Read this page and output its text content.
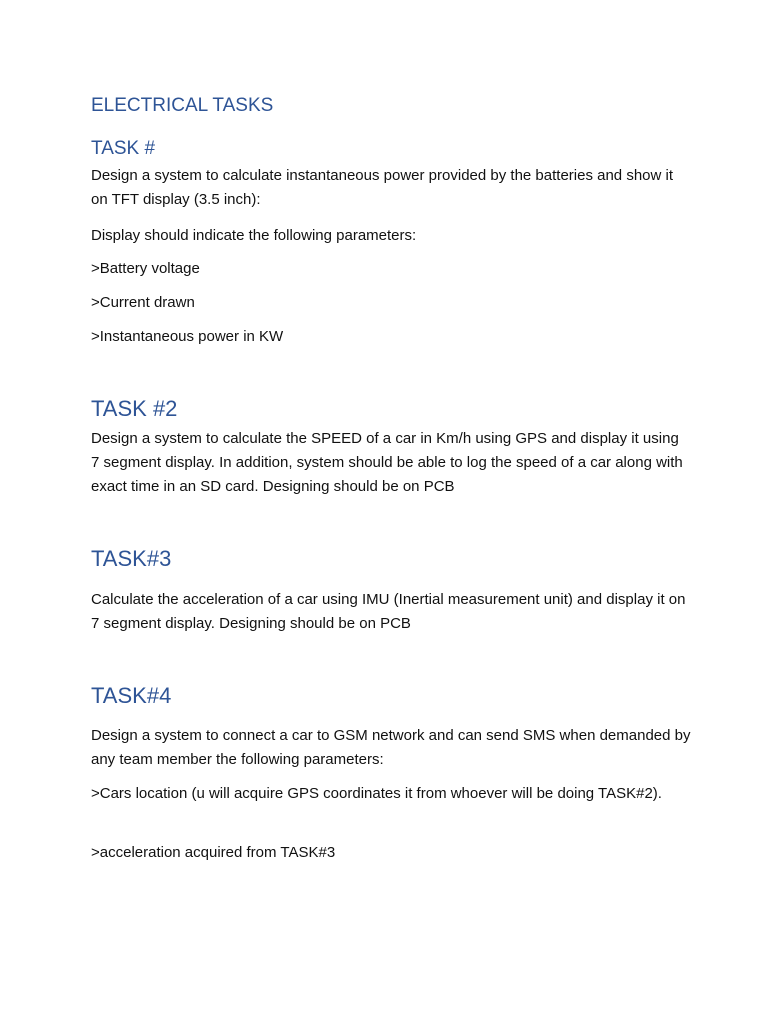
ELECTRICAL TASKS
TASK #

Design a system to calculate instantaneous power provided by the batteries and show it on TFT display (3.5 inch):

Display should indicate the following parameters:

>Battery voltage

>Current drawn

>Instantaneous power in KW

TASK #2

Design a system to calculate the SPEED of a car in Km/h using GPS and display it using 7 segment display. In addition, system should be able to log the speed of a car along with exact time in an SD card. Designing should be on PCB

TASK#3

Calculate the acceleration of a car using IMU (Inertial measurement unit) and display it on 7 segment display. Designing should be on PCB

TASK#4

Design a system to connect a car to GSM network and can send SMS when demanded by any team member the following parameters:

>Cars location (u will acquire GPS coordinates it from whoever will be doing TASK#2).

>acceleration acquired from TASK#3
